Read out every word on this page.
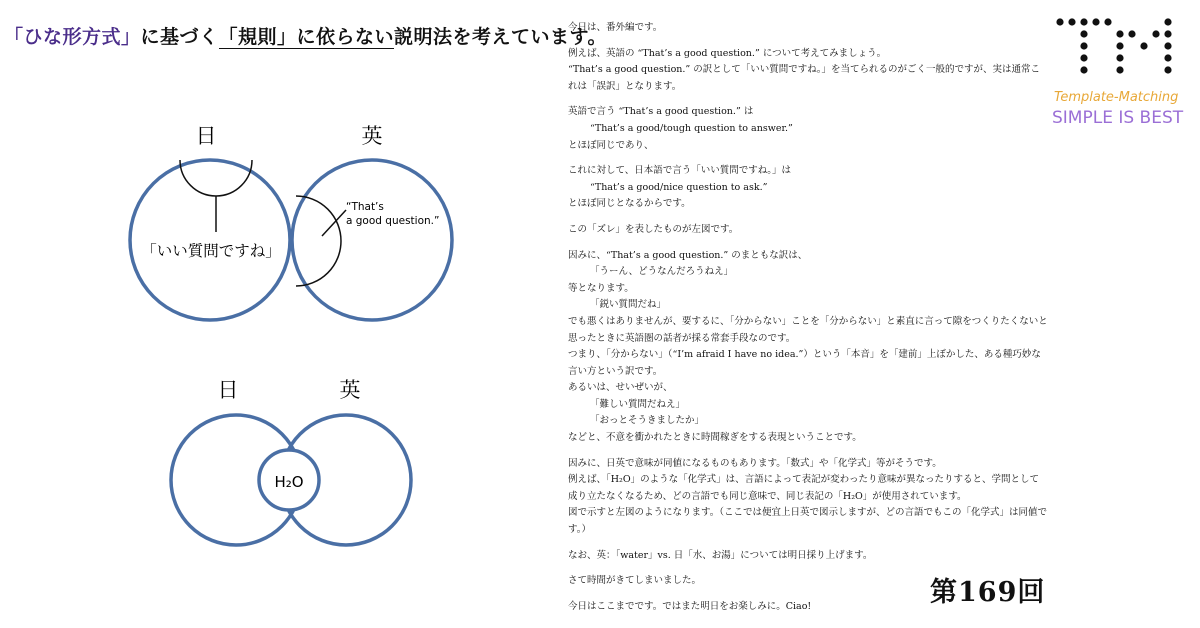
「ひな形方式」に基づく「規則」に依らない説明法を考えています。
日	英
「いい質問ですね」
“That’s
a good question.”
日	英
H₂O

今日は、番外編です。

例えば、英語の “That’s a good question.” について考えてみましょう。

“That’s a good question.” の訳として「いい質問ですね。」を当てられるのがごく一般的ですが、実は通常これは「誤訳」となります。

英語で言う “That’s a good question.” は

“That’s a good/tough question to answer.”

とほぼ同じであり、

これに対して、日本語で言う「いい質問ですね。」は

“That’s a good/nice question to ask.”

とほぼ同じとなるからです。

この「ズレ」を表したものが左図です。

因みに、“That’s a good question.” のまともな訳は、

「うーん、どうなんだろうねえ」

等となります。

「鋭い質問だね」

でも悪くはありませんが、要するに、「分からない」ことを「分からない」と素直に言って隙をつくりたくないと思ったときに英語圏の話者が採る常套手段なのです。

つまり、「分からない」（“I’m afraid I have no idea.”）という「本音」を「建前」上ぼかした、ある種巧妙な言い方という訳です。

あるいは、せいぜいが、

「難しい質問だねえ」

「おっとそうきましたか」

などと、不意を衝かれたときに時間稼ぎをする表現ということです。

因みに、日英で意味が同値になるものもあります。「数式」や「化学式」等がそうです。

例えば、「H₂O」のような「化学式」は、言語によって表記が変わったり意味が異なったりすると、学問として成り立たなくなるため、どの言語でも同じ意味で、同じ表記の「H₂O」が使用されています。

図で示すと左図のようになります。（ここでは便宜上日英で図示しますが、どの言語でもこの「化学式」は同値です。）

なお、英：「water」vs. 日「水、お湯」については明日採り上げます。

さて時間がきてしまいました。

今日はここまでです。ではまた明日をお楽しみに。Ciao!	第169回
Template-Matching
SIMPLE IS BEST
